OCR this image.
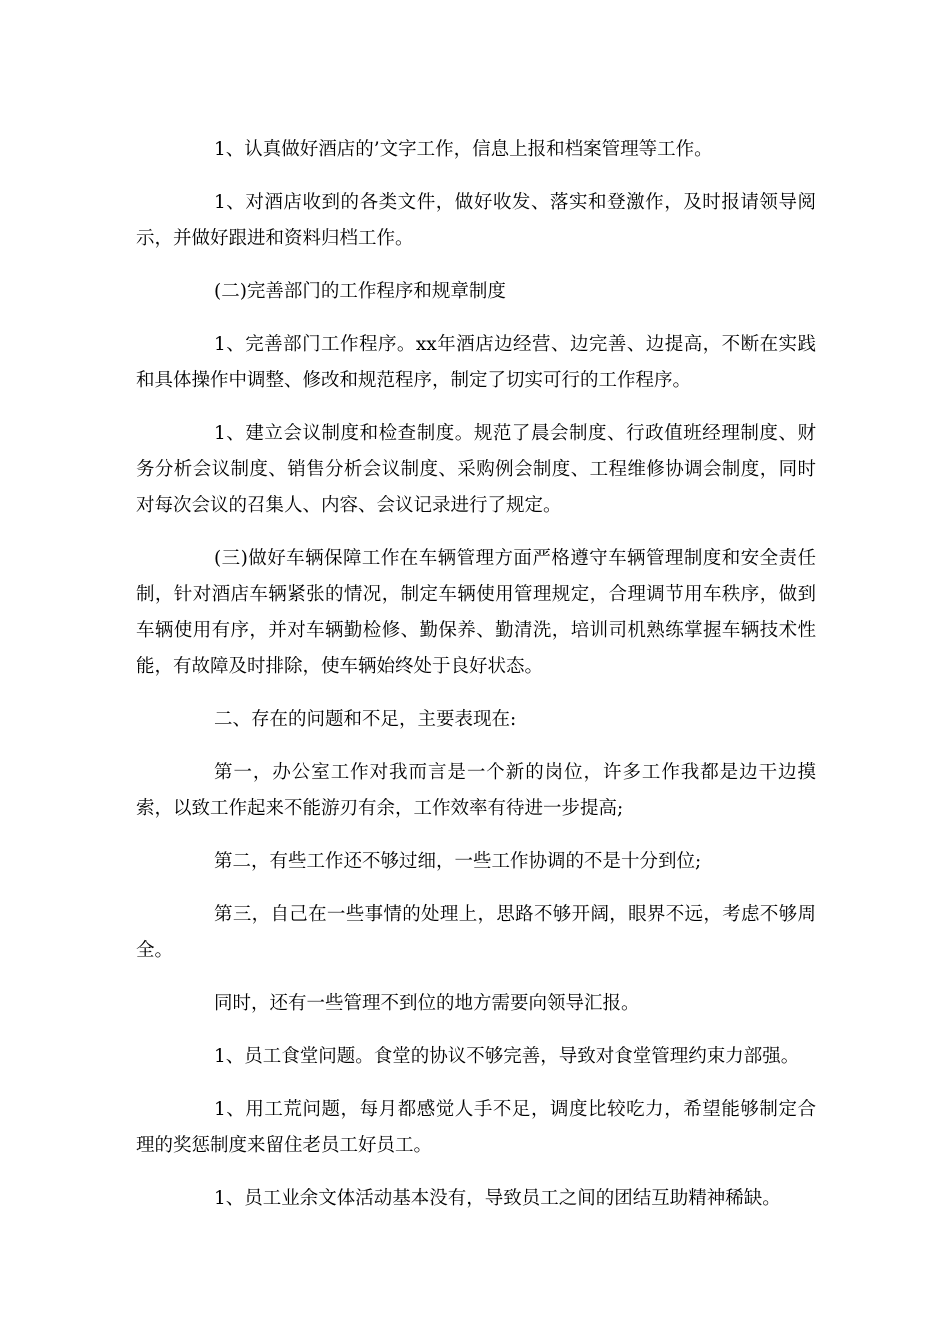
1、认真做好酒店的’文字工作，信息上报和档案管理等工作。

1、对酒店收到的各类文件，做好收发、落实和登激作，及时报请领导阅示，并做好跟进和资料归档工作。

(二)完善部门的工作程序和规章制度

1、完善部门工作程序。xx年酒店边经营、边完善、边提高，不断在实践和具体操作中调整、修改和规范程序，制定了切实可行的工作程序。

1、建立会议制度和检查制度。规范了晨会制度、行政值班经理制度、财务分析会议制度、销售分析会议制度、采购例会制度、工程维修协调会制度，同时对每次会议的召集人、内容、会议记录进行了规定。

(三)做好车辆保障工作在车辆管理方面严格遵守车辆管理制度和安全责任制，针对酒店车辆紧张的情况，制定车辆使用管理规定，合理调节用车秩序，做到车辆使用有序，并对车辆勤检修、勤保养、勤清洗，培训司机熟练掌握车辆技术性能，有故障及时排除，使车辆始终处于良好状态。

二、存在的问题和不足，主要表现在:

第一，办公室工作对我而言是一个新的岗位，许多工作我都是边干边摸索，以致工作起来不能游刃有余，工作效率有待进一步提高;

第二，有些工作还不够过细，一些工作协调的不是十分到位;

第三，自己在一些事情的处理上，思路不够开阔，眼界不远，考虑不够周全。

同时，还有一些管理不到位的地方需要向领导汇报。

1、员工食堂问题。食堂的协议不够完善，导致对食堂管理约束力部强。

1、用工荒问题，每月都感觉人手不足，调度比较吃力，希望能够制定合理的奖惩制度来留住老员工好员工。

1、员工业余文体活动基本没有，导致员工之间的团结互助精神稀缺。
